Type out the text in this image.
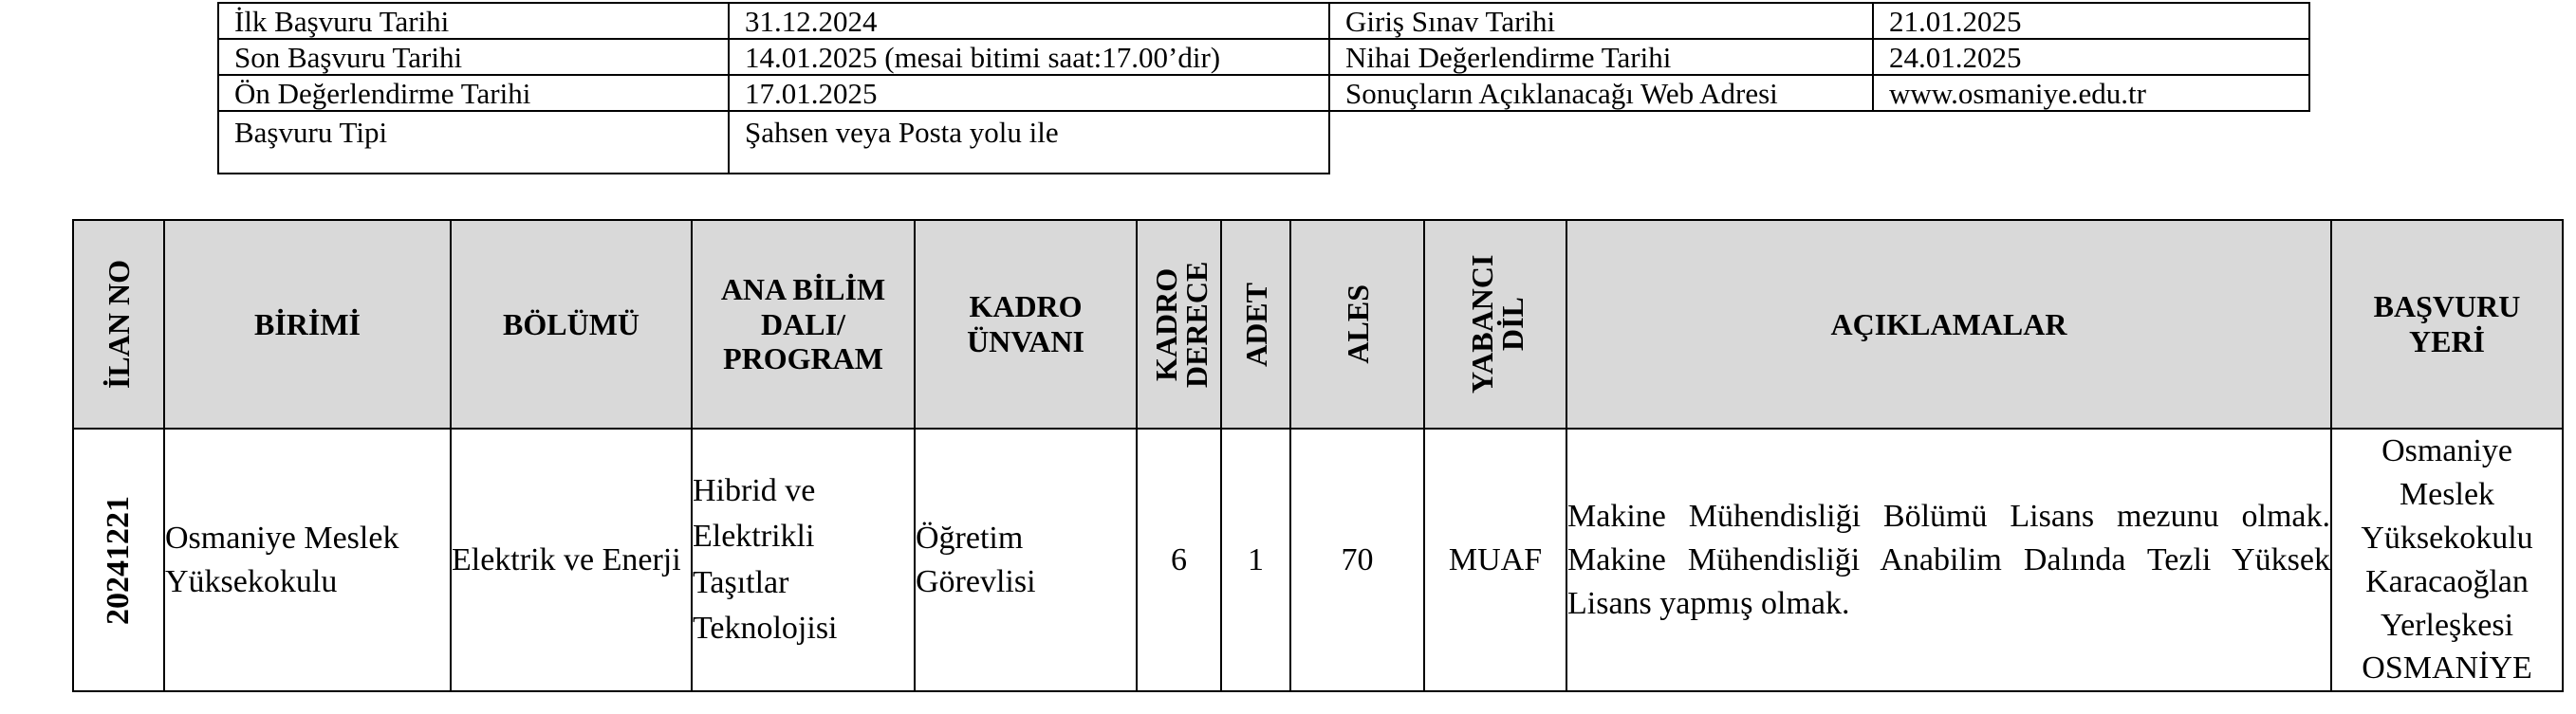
İlk Başvuru Tarihi	31.12.2024	Giriş Sınav Tarihi	21.01.2025
Son Başvuru Tarihi	14.01.2025 (mesai bitimi saat:17.00’dir)	Nihai Değerlendirme Tarihi	24.01.2025
Ön Değerlendirme Tarihi	17.01.2025	Sonuçların Açıklanacağı Web Adresi	www.osmaniye.edu.tr
Başvuru Tipi	Şahsen veya Posta yolu ile		
İLAN NO	BİRİMİ	BÖLÜMÜ	ANA BİLİM DALI/ PROGRAM	KADRO ÜNVANI	KADRO DERECE	ADET	ALES	YABANCI DİL	AÇIKLAMALAR	BAŞVURU YERİ

20241221	Osmaniye Meslek Yüksekokulu	Elektrik ve Enerji	Hibrid ve Elektrikli Taşıtlar Teknolojisi	Öğretim Görevlisi	6	1	70	MUAF	Makine Mühendisliği Bölümü Lisans mezunu olmak. Makine Mühendisliği Anabilim Dalında Tezli Yüksek Lisans yapmış olmak.	Osmaniye Meslek Yüksekokulu Karacaoğlan Yerleşkesi OSMANİYE
